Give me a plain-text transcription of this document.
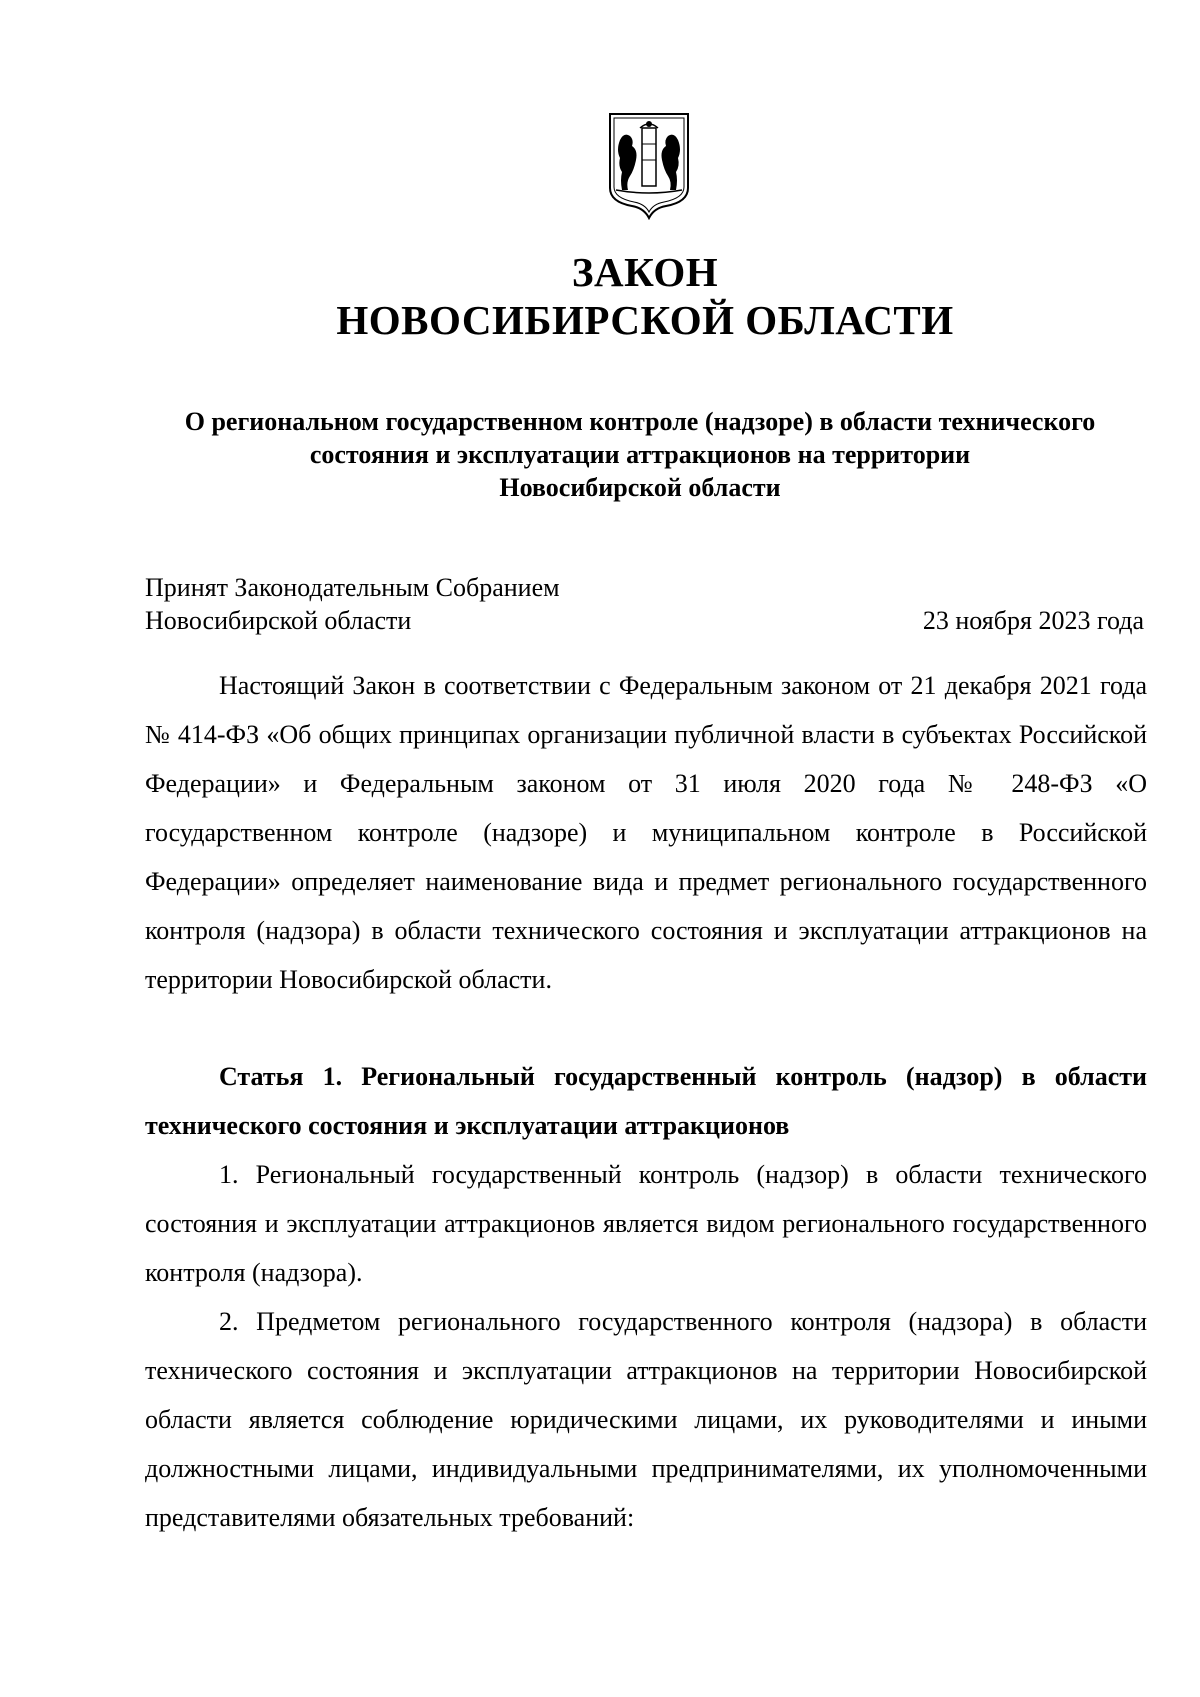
ЗАКОН
НОВОСИБИРСКОЙ ОБЛАСТИ
О региональном государственном контроле (надзоре) в области технического
состояния и эксплуатации аттракционов на территории
Новосибирской области
Принят Законодательным Собранием
Новосибирской области	23 ноября 2023 года

Настоящий Закон в соответствии с Федеральным законом от 21 декабря 2021 года № 414-ФЗ «Об общих принципах организации публичной власти в субъектах Российской Федерации» и Федеральным законом от 31 июля 2020 года № 248-ФЗ «О государственном контроле (надзоре) и муниципальном контроле в Российской Федерации» определяет наименование вида и предмет регионального государственного контроля (надзора) в области технического состояния и эксплуатации аттракционов на территории Новосибирской области.

Статья 1. Региональный государственный контроль (надзор) в области технического состояния и эксплуатации аттракционов

1. Региональный государственный контроль (надзор) в области технического состояния и эксплуатации аттракционов является видом регионального государственного контроля (надзора).

2. Предметом регионального государственного контроля (надзора) в области технического состояния и эксплуатации аттракционов на территории Новосибирской области является соблюдение юридическими лицами, их руководителями и иными должностными лицами, индивидуальными предпринимателями, их уполномоченными представителями обязательных требований:
